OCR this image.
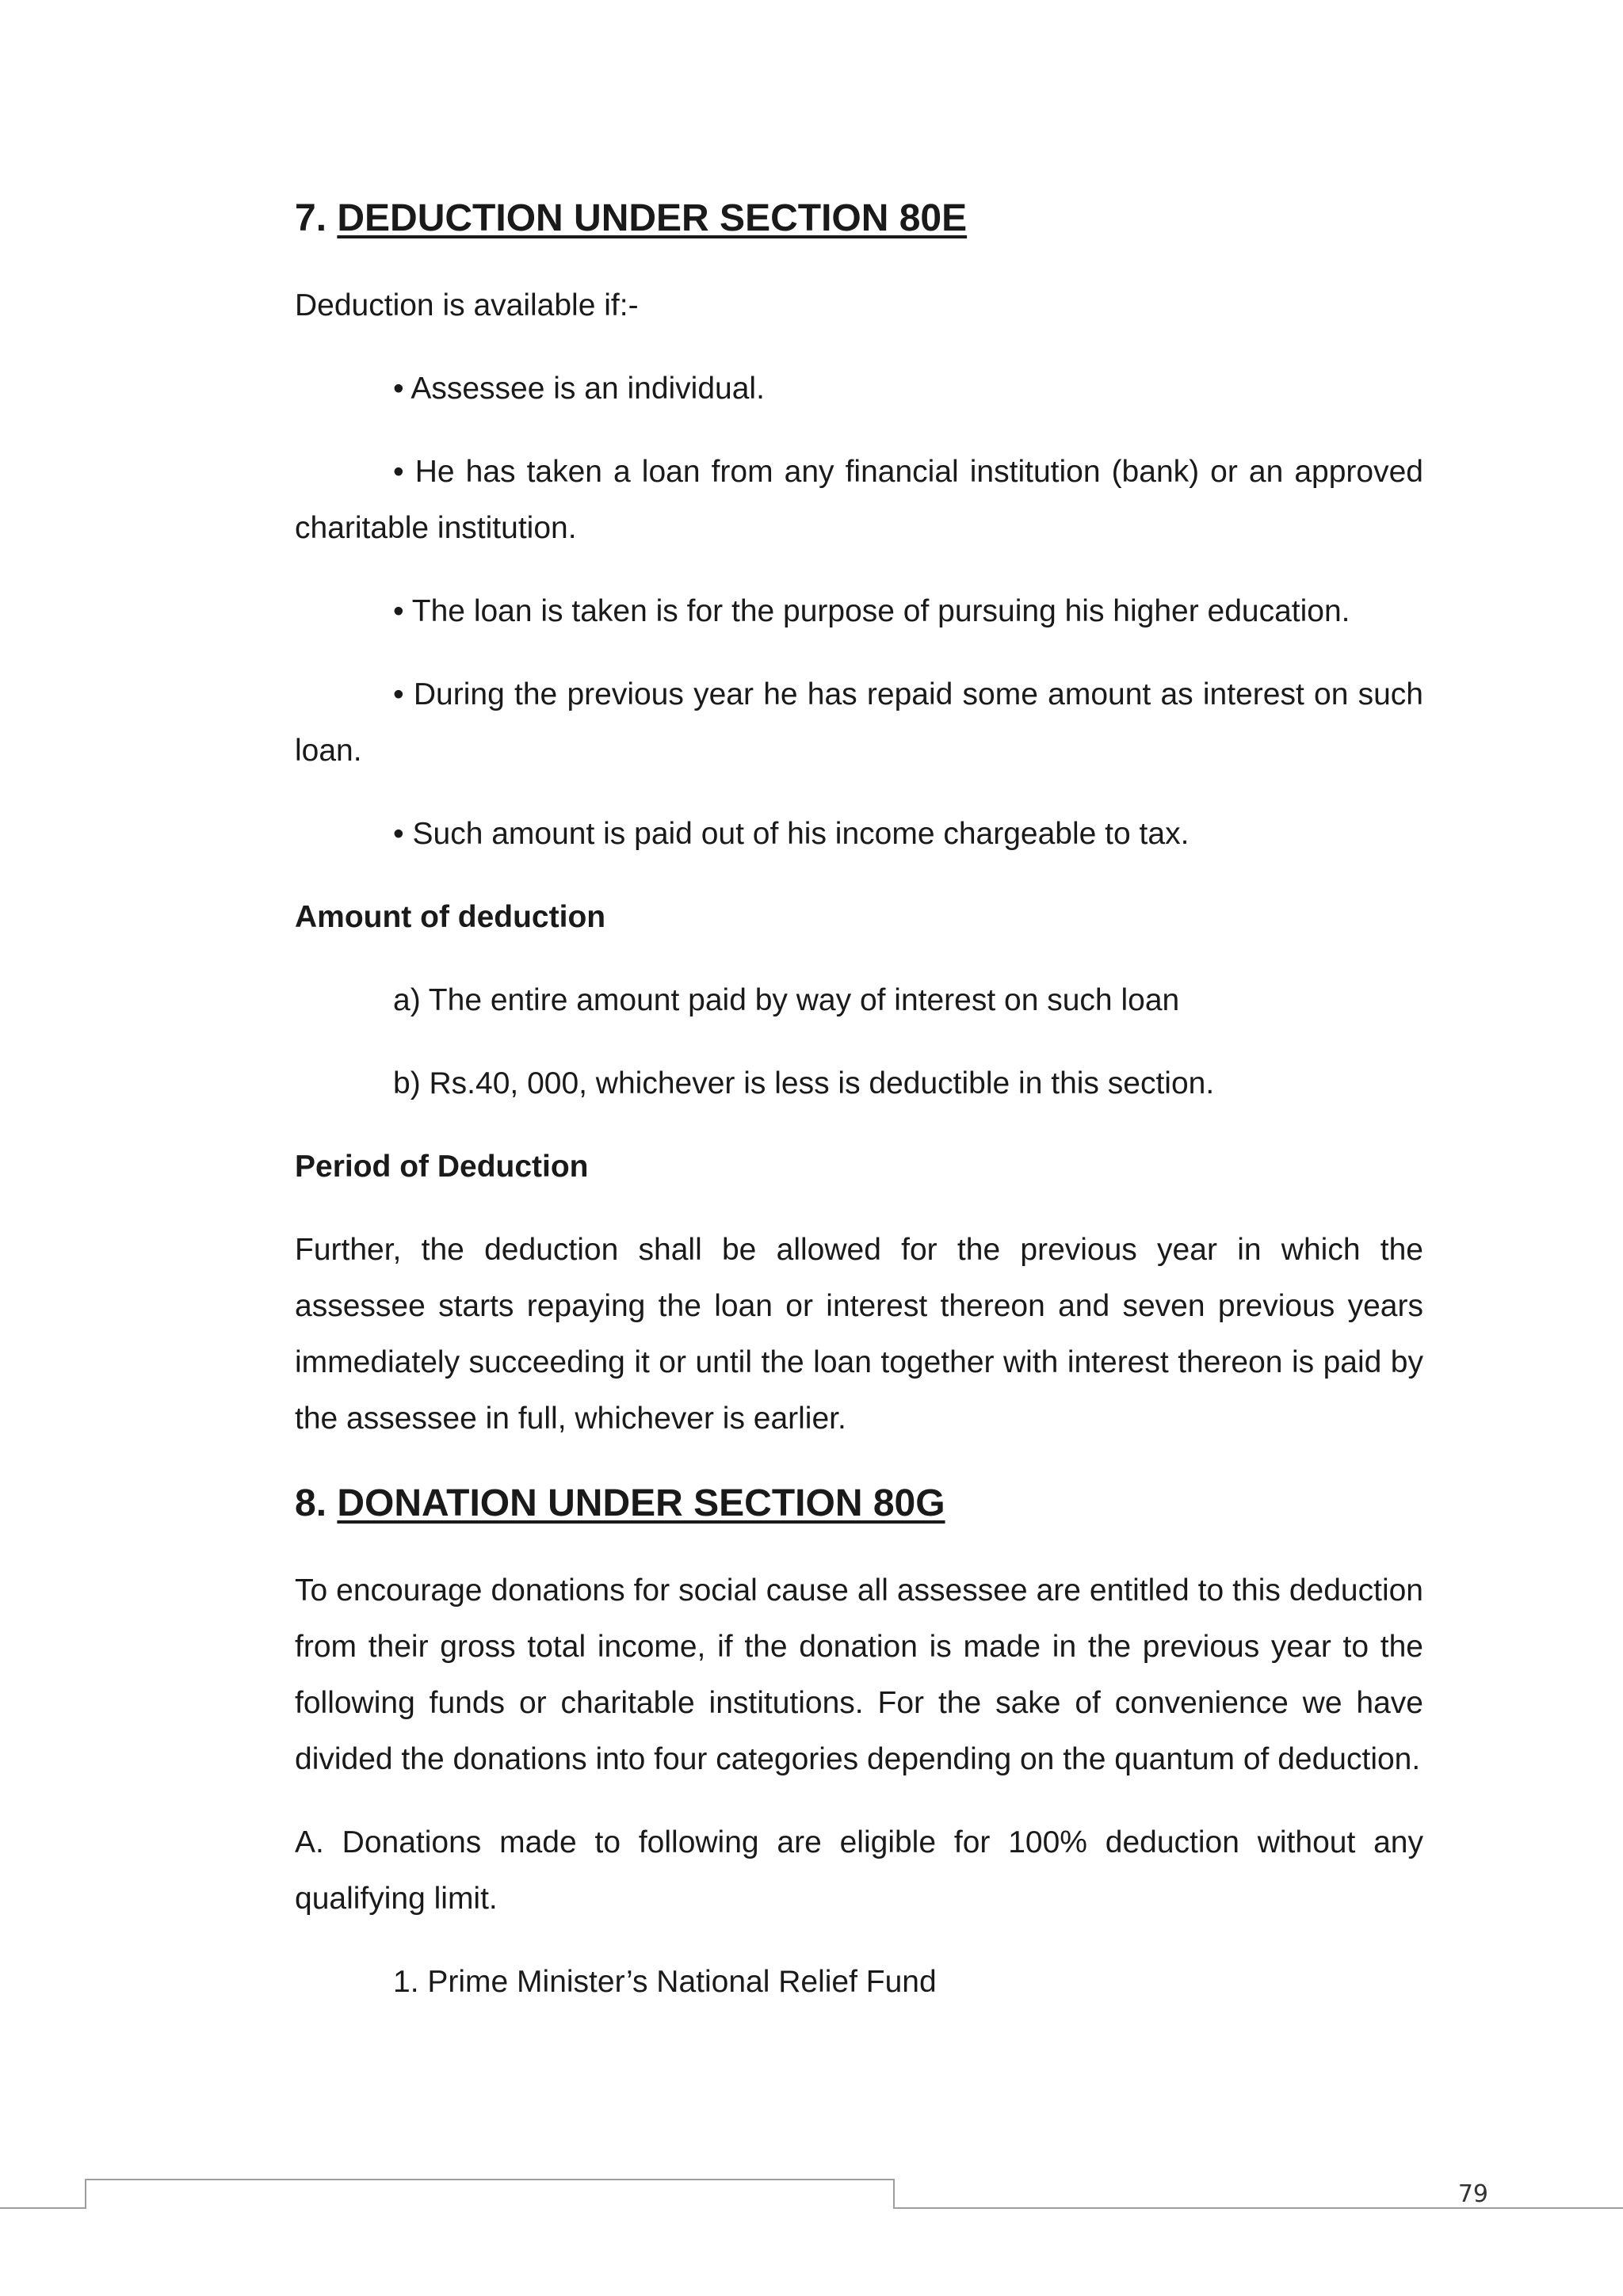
7. DEDUCTION UNDER SECTION 80E

Deduction is available if:-

• Assessee is an individual.

• He has taken a loan from any financial institution (bank) or an approved charitable institution.

• The loan is taken is for the purpose of pursuing his higher education.

• During the previous year he has repaid some amount as interest on such loan.

• Such amount is paid out of his income chargeable to tax.

Amount of deduction

a) The entire amount paid by way of interest on such loan

b) Rs.40, 000, whichever is less is deductible in this section.

Period of Deduction

Further, the deduction shall be allowed for the previous year in which the assessee starts repaying the loan or interest thereon and seven previous years immediately succeeding it or until the loan together with interest thereon is paid by the assessee in full, whichever is earlier.

8. DONATION UNDER SECTION 80G

To encourage donations for social cause all assessee are entitled to this deduction from their gross total income, if the donation is made in the previous year to the following funds or charitable institutions. For the sake of convenience we have divided the donations into four categories depending on the quantum of deduction.

A. Donations made to following are eligible for 100% deduction without any qualifying limit.

1. Prime Minister’s National Relief Fund

79
